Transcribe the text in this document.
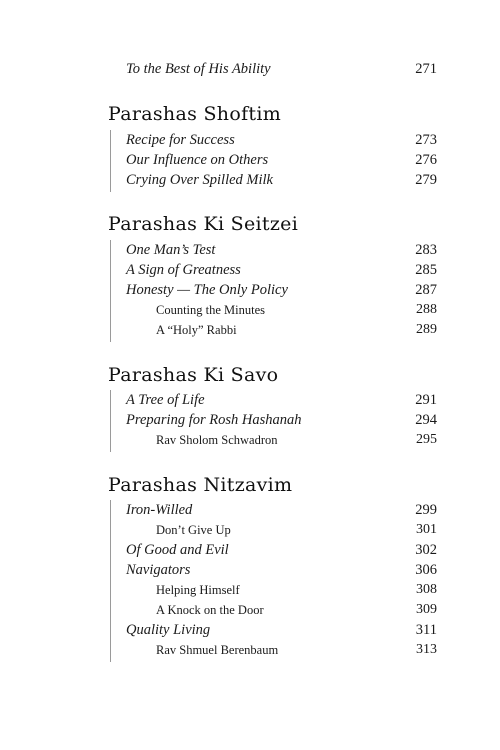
To the Best of His Ability	271
Parashas Shoftim
Recipe for Success	273
Our Influence on Others	276
Crying Over Spilled Milk	279
Parashas Ki Seitzei
One Man’s Test	283
A Sign of Greatness	285
Honesty — The Only Policy	287
Counting the Minutes	288
A “Holy” Rabbi	289
Parashas Ki Savo
A Tree of Life	291
Preparing for Rosh Hashanah	294
Rav Sholom Schwadron	295
Parashas Nitzavim
Iron-Willed	299
Don’t Give Up	301
Of Good and Evil	302
Navigators	306
Helping Himself	308
A Knock on the Door	309
Quality Living	311
Rav Shmuel Berenbaum	313
